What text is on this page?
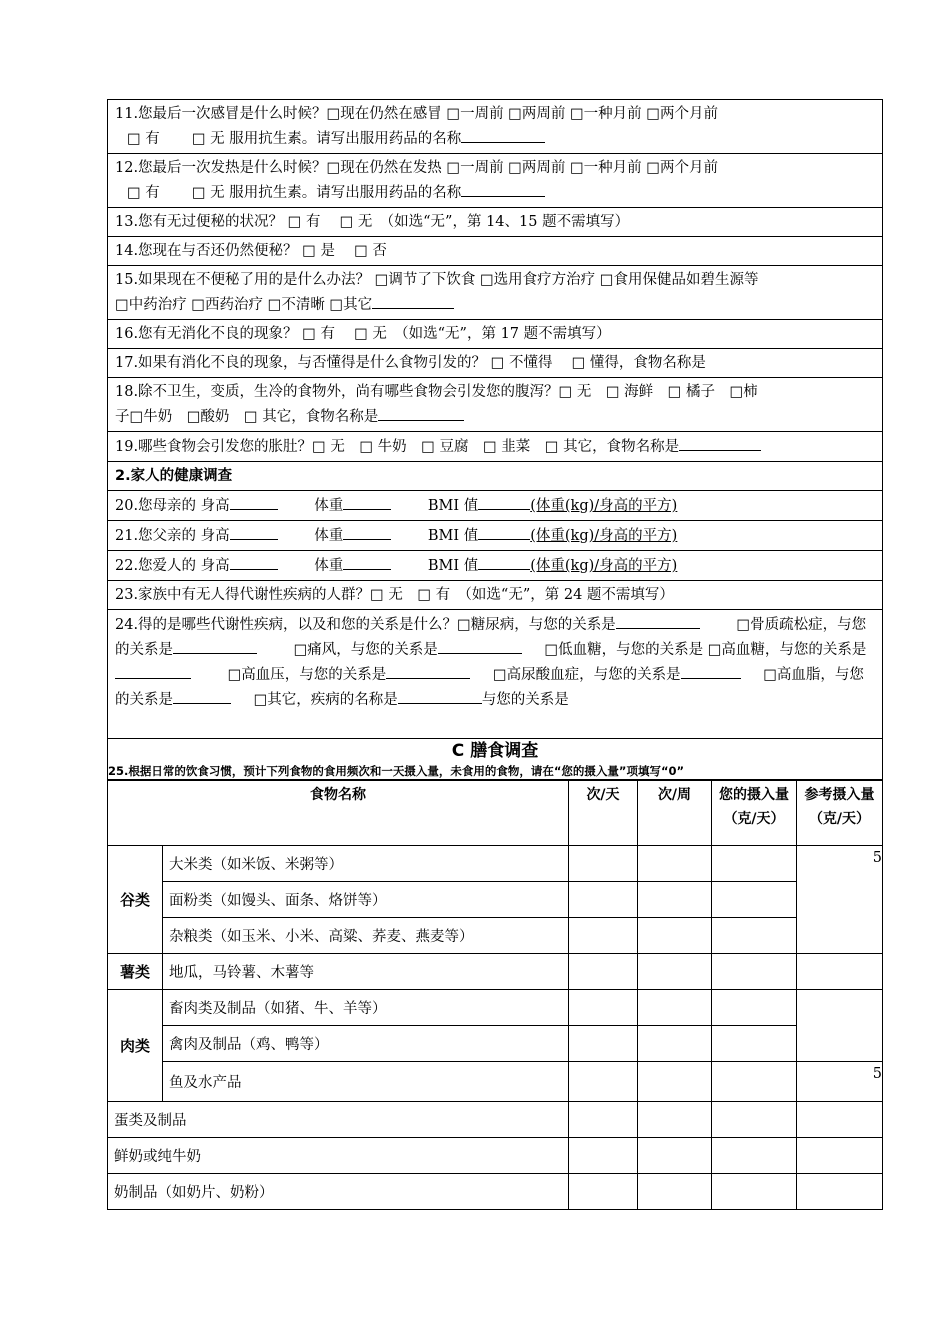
11.您最后一次感冒是什么时候？□现在仍然在感冒 □一周前 □两周前 □一种月前 □两个月前
□ 有 □ 无 服用抗生素。请写出服用药品的名称

12.您最后一次发热是什么时候？□现在仍然在发热 □一周前 □两周前 □一种月前 □两个月前
□ 有 □ 无 服用抗生素。请写出服用药品的名称

13.您有无过便秘的状况？ □ 有　 □ 无　（如选“无”，第 14、15 题不需填写）
14.您现在与否还仍然便秘？ □ 是　 □ 否

15.如果现在不便秘了用的是什么办法？ □调节了下饮食 □选用食疗方治疗 □食用保健品如碧生源等
□中药治疗 □西药治疗 □不清晰 □其它

16.您有无消化不良的现象？ □ 有　 □ 无　（如选“无”，第 17 题不需填写）
17.如果有消化不良的现象，与否懂得是什么食物引发的？ □ 不懂得　 □ 懂得，食物名称是

18.除不卫生，变质，生冷的食物外，尚有哪些食物会引发您的腹泻？□ 无　□ 海鲜　□ 橘子　□柿
子□牛奶　□酸奶　□ 其它，食物名称是

19.哪些食物会引发您的胀肚？□ 无　□ 牛奶　□ 豆腐　□ 韭菜　□ 其它，食物名称是
2.家人的健康调查
20.您母亲的 身高	体重	BMI 值	(体重(kg)/身高的平方)
21.您父亲的 身高	体重	BMI 值	(体重(kg)/身高的平方)
22.您爱人的 身高	体重	BMI 值	(体重(kg)/身高的平方)
23.家族中有无人得代谢性疾病的人群？□ 无　□ 有　（如选“无”，第 24 题不需填写）
24.得的是哪些代谢性疾病，以及和您的关系是什么？□糖尿病，与您的关系是	□骨质疏松症，与您的关系是	□痛风，与您的关系是	□低血糖，与您的关系是 □高血糖，与您的关系是 □高血压，与您的关系是	□高尿酸血症，与您的关系是	□高血脂，与您的关系是	□其它，疾病的名称是	与您的关系是

C 膳食调查
25.根据日常的饮食习惯，预计下列食物的食用频次和一天摄入量，未食用的食物，请在“您的摄入量”项填写“0”
食物名称		次/天	次/周	您的摄入量（克/天）	参考摄入量（克/天）
谷类	大米类（如米饭、米粥等）				5
	面粉类（如馒头、面条、烙饼等）				
	杂粮类（如玉米、小米、高粱、荞麦、燕麦等）				
薯类	地瓜，马铃薯、木薯等				
肉类	畜肉类及制品（如猪、牛、羊等）				
	禽肉及制品（鸡、鸭等）				
	鱼及水产品				5
蛋类及制品					
鲜奶或纯牛奶					
奶制品（如奶片、奶粉）					
